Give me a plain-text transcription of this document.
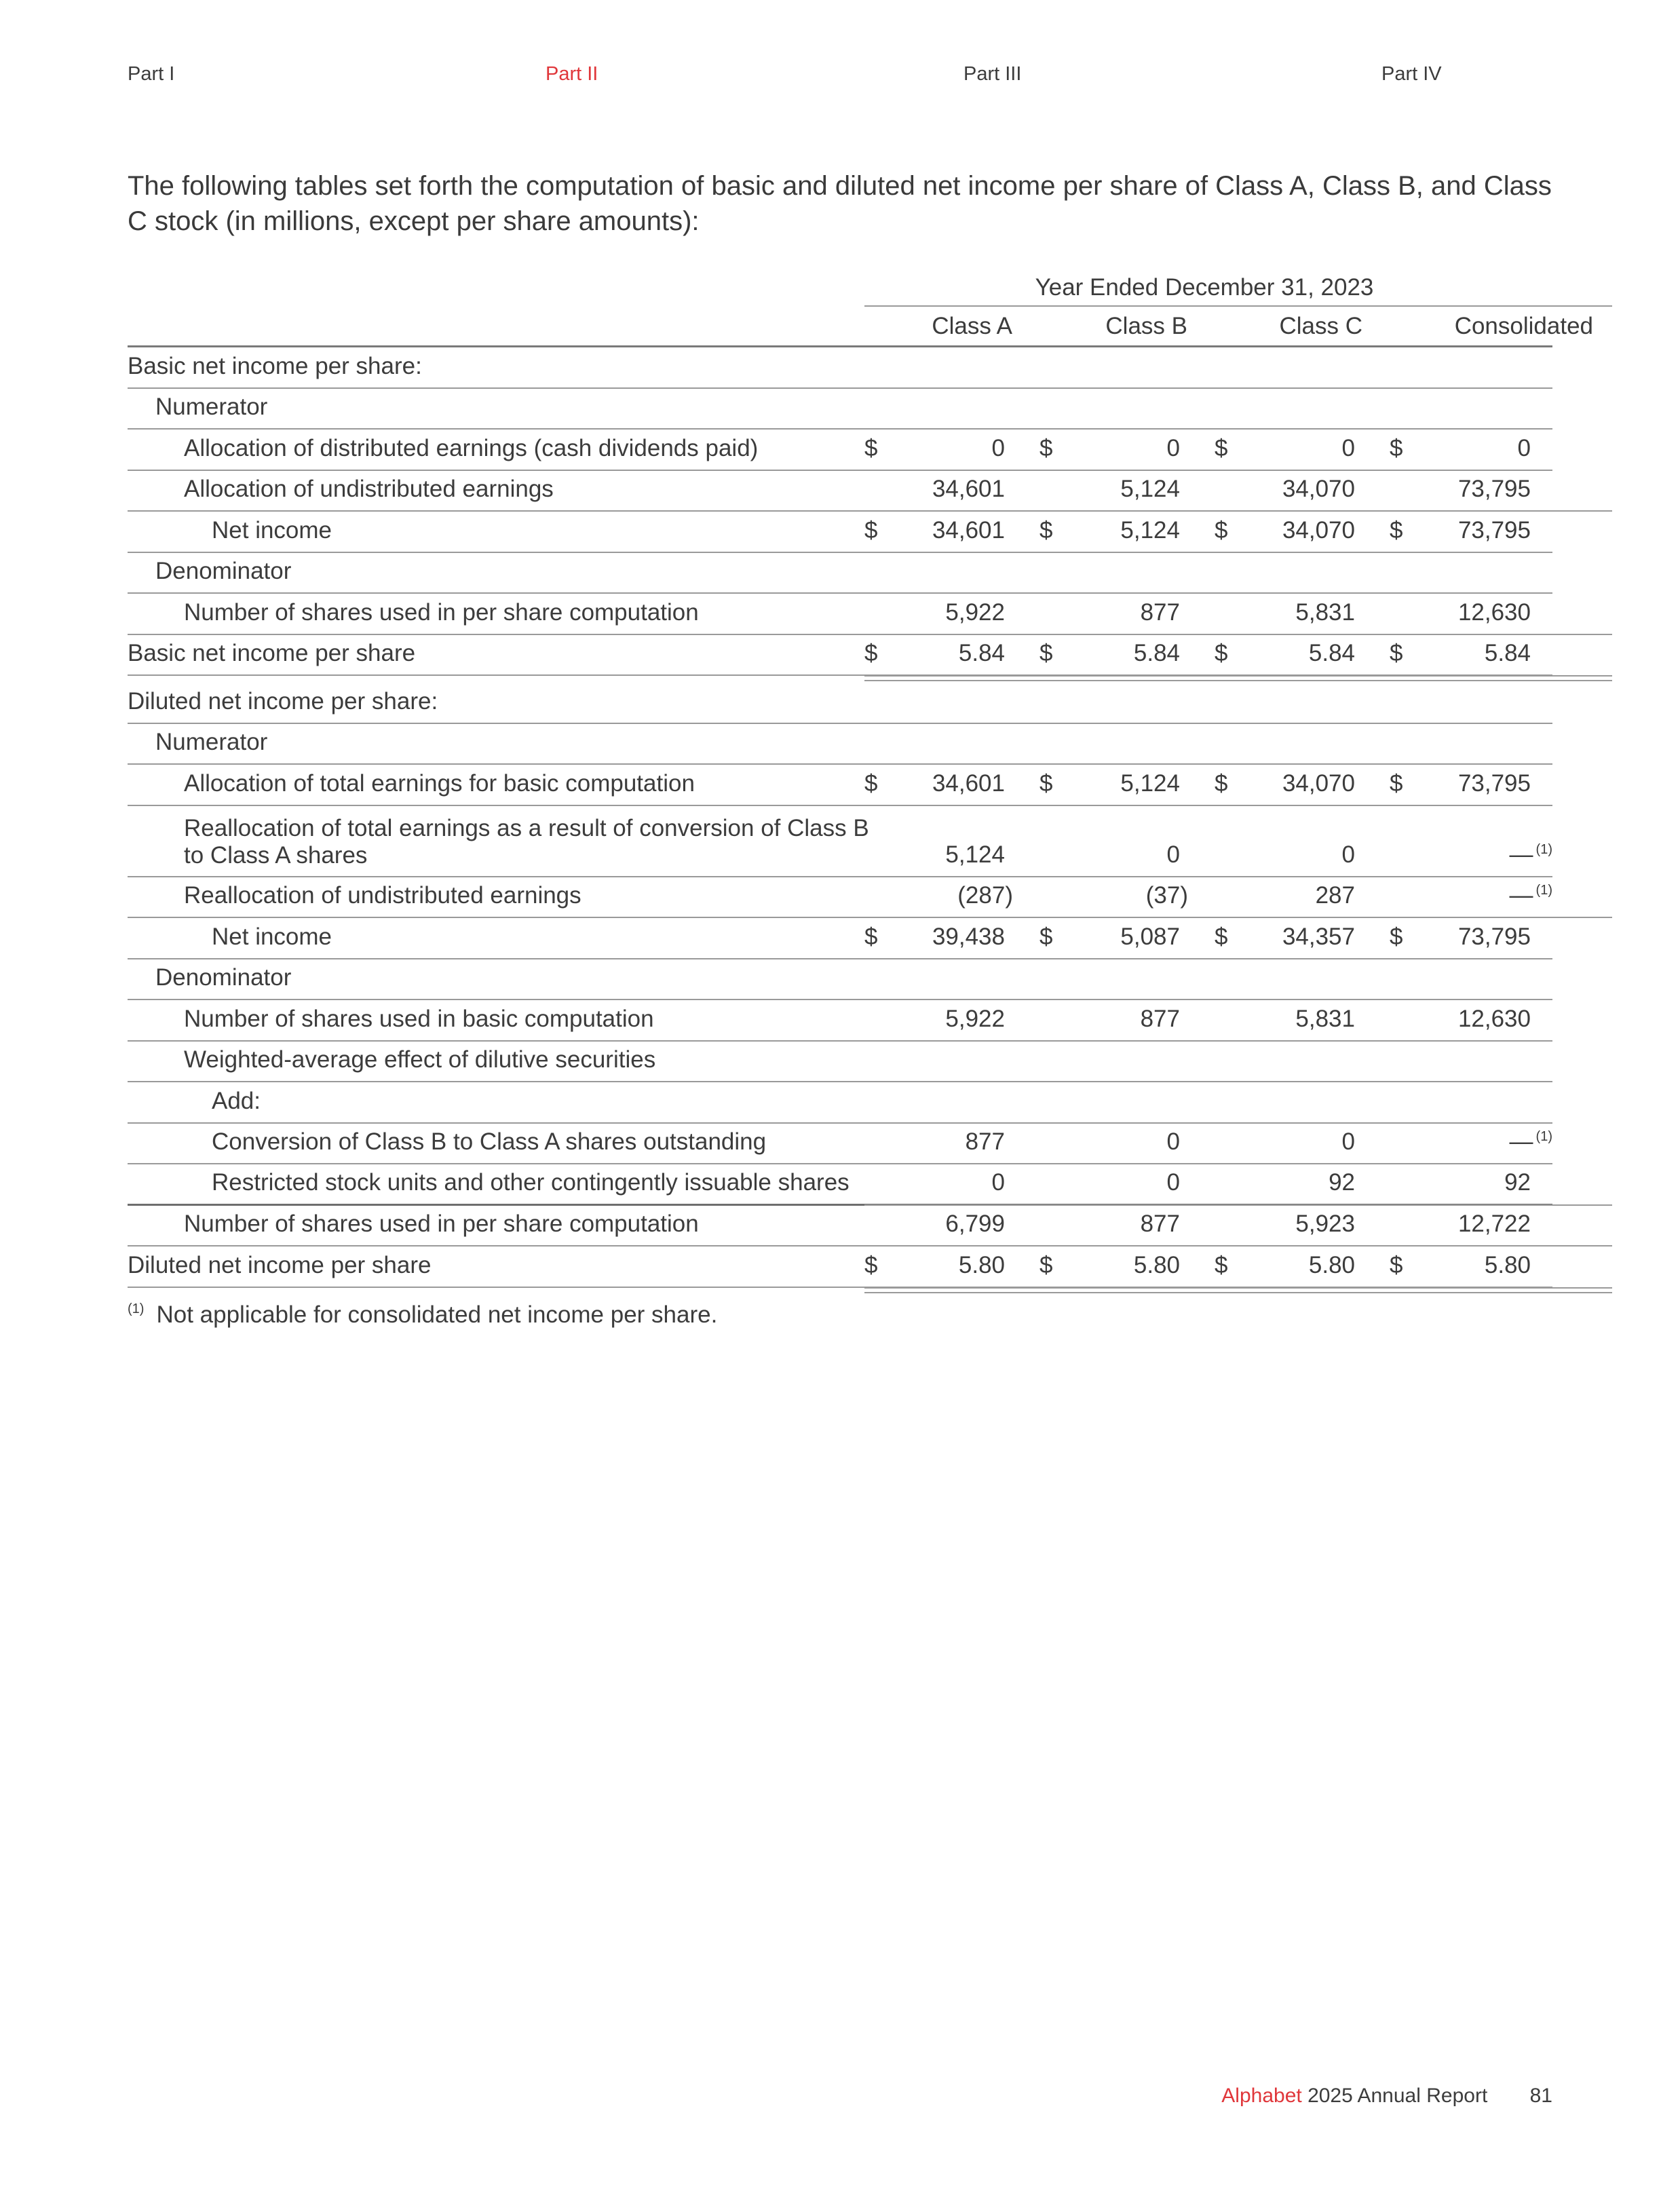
Part I	Part II	Part III	Part IV

The following tables set forth the computation of basic and diluted net income per share of Class A, Class B, and Class C stock (in millions, except per share amounts):

Year Ended December 31, 2023
Class A	Class B	Class C	Consolidated
Basic net income per share:
Numerator
Allocation of distributed earnings (cash dividends paid)	$	0 $	0 $	0 $	0
Allocation of undistributed earnings	34,601	5,124	34,070	73,795
Net income	$ 34,601 $	5,124 $ 34,070 $ 73,795
Denominator
Number of shares used in per share computation	5,922	877	5,831	12,630
Basic net income per share	$	5.84 $	5.84 $	5.84 $	5.84
Diluted net income per share:
Numerator
Allocation of total earnings for basic computation	$ 34,601 $	5,124 $ 34,070 $ 73,795
Reallocation of total earnings as a result of conversion of Class B
to Class A shares	5,124	0	0	— $^{(1)}$
Reallocation of undistributed earnings	(287)	(37)	287	— $^{(1)}$
Net income	$ 39,438 $	5,087 $ 34,357 $ 73,795
Denominator
Number of shares used in basic computation	5,922	877	5,831	12,630
Weighted-average effect of dilutive securities
Add:
Conversion of Class B to Class A shares outstanding	877	0	0	— $^{(1)}$
Restricted stock units and other contingently issuable shares	0	0	92	92
Number of shares used in per share computation	6,799	877	5,923	12,722
Diluted net income per share	$	5.80 $	5.80 $	5.80 $	5.80
$^{(1)}$ Not applicable for consolidated net income per share.
Alphabet 2025 Annual Report 81
